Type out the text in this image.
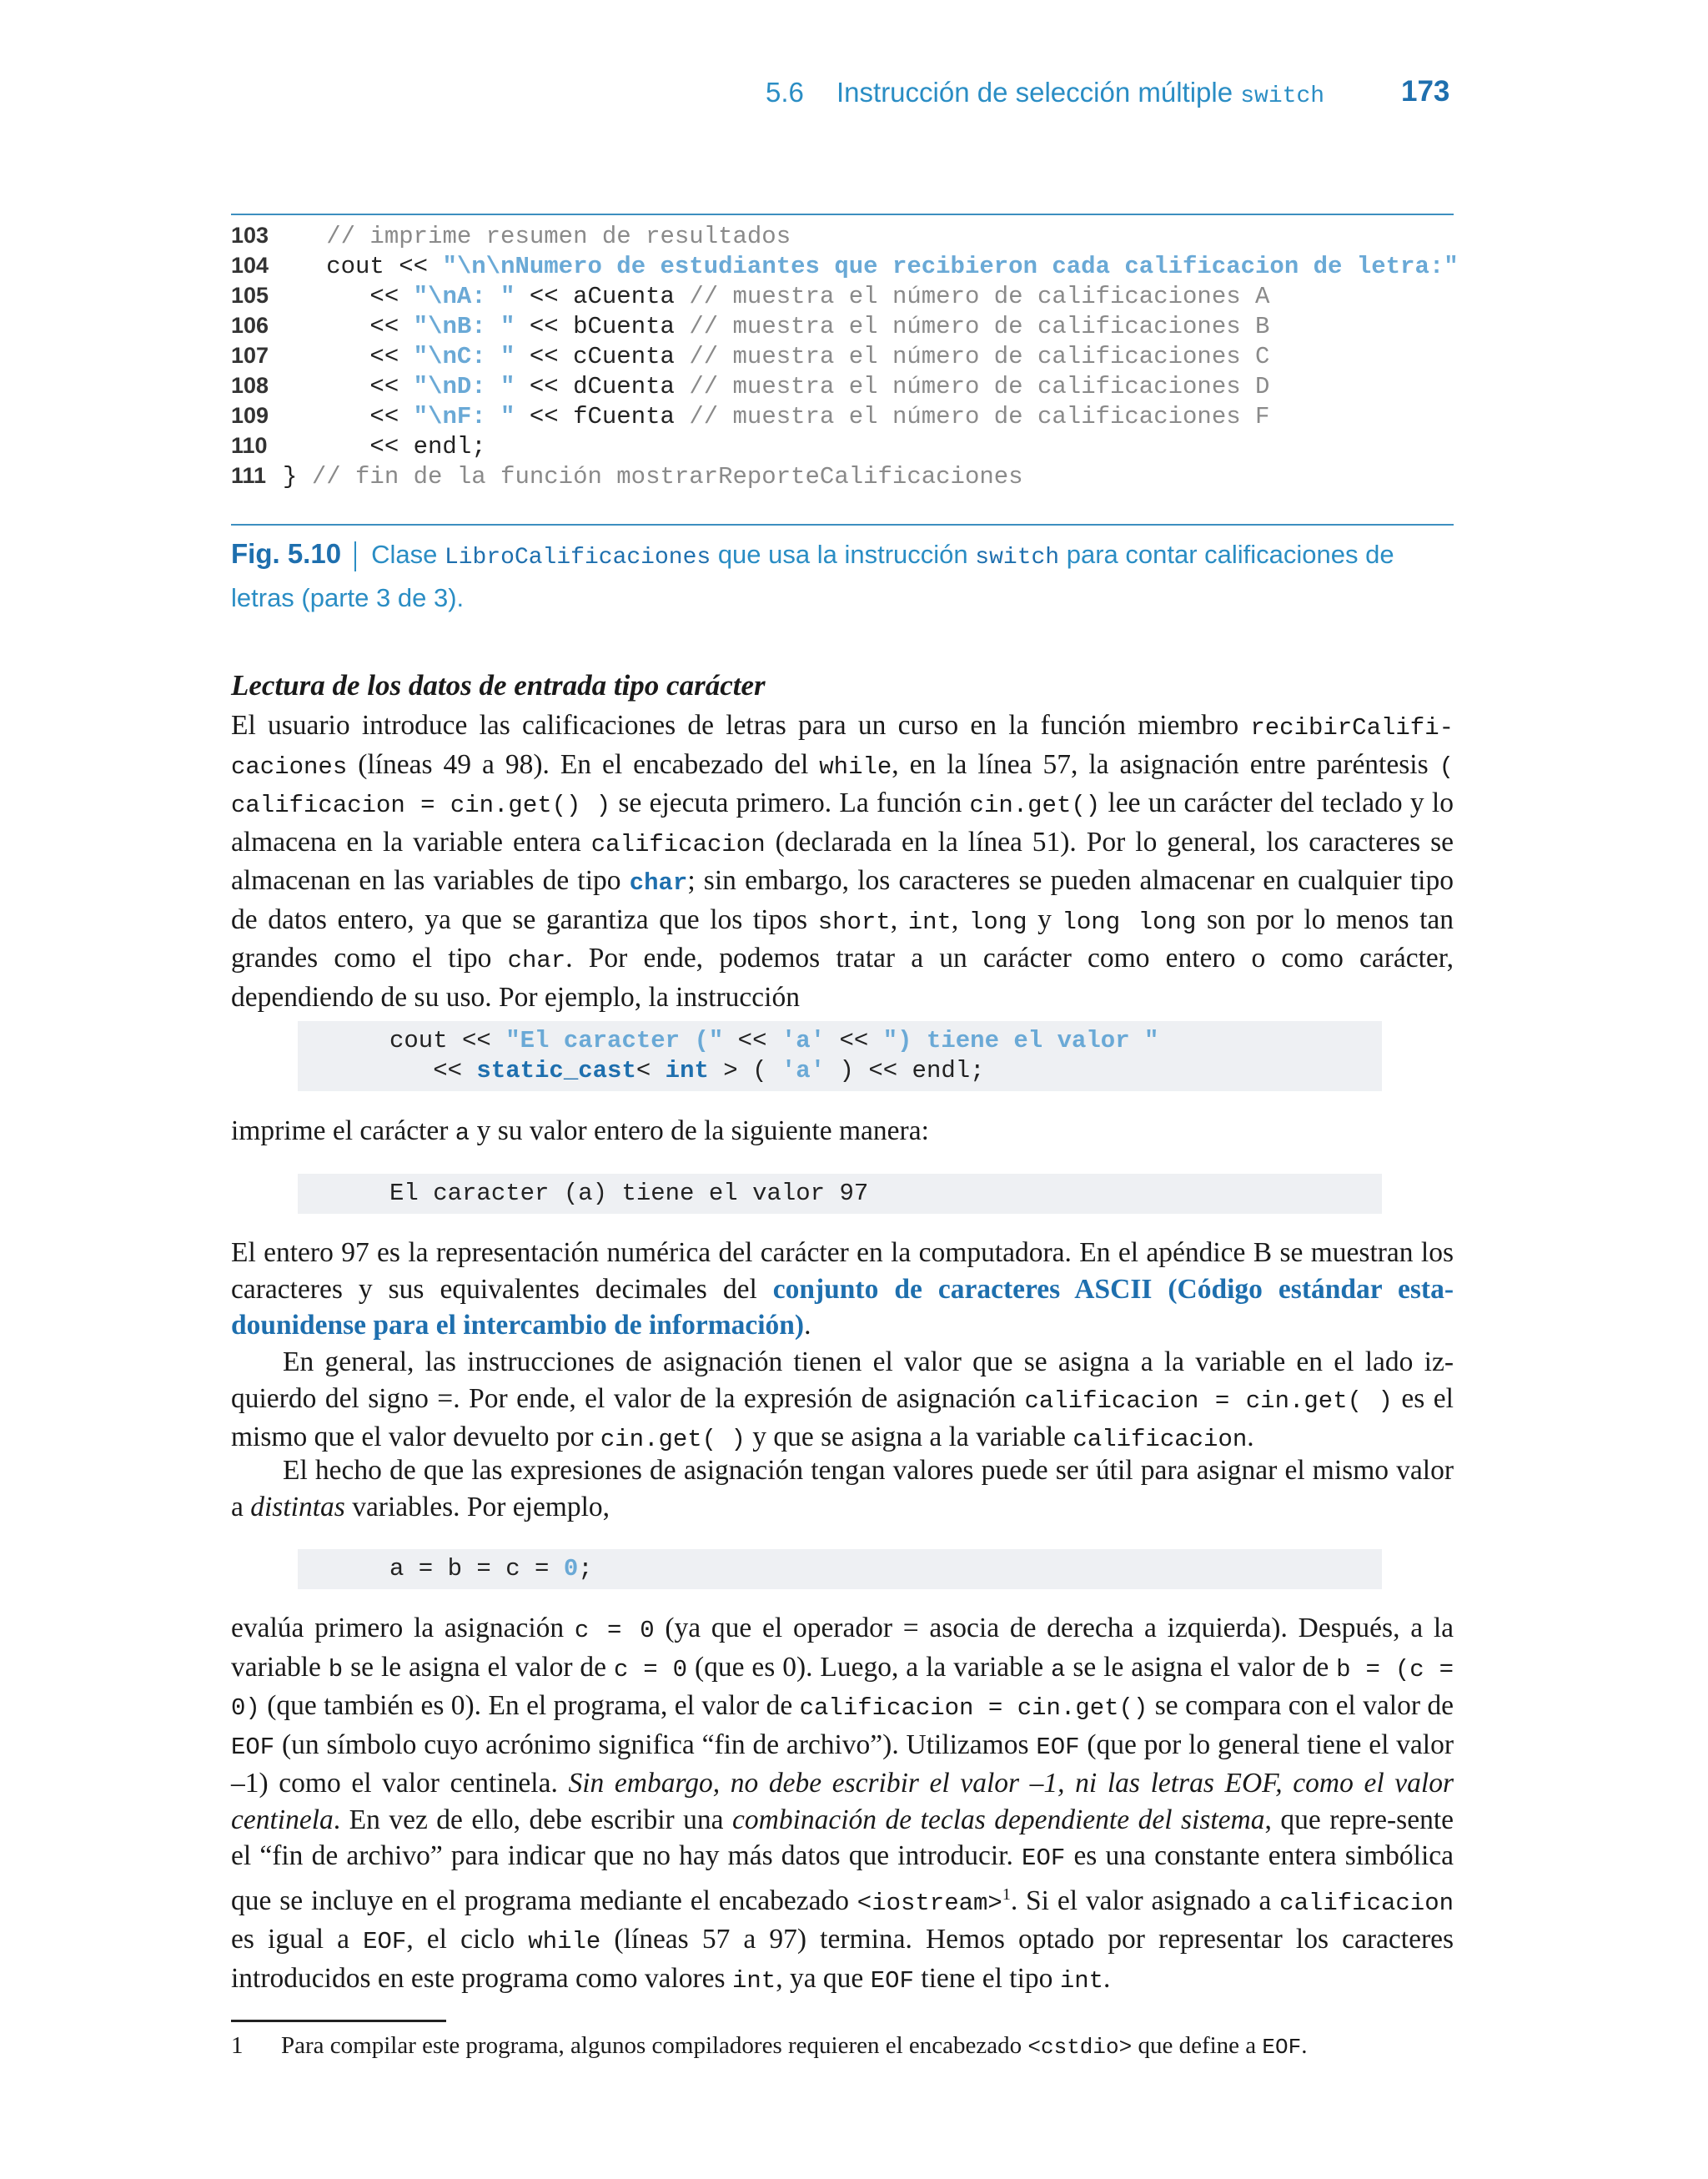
5.6 Instrucción de selección múltiple switch	173
103 // imprime resumen de resultados
104 cout << "\n\nNumero de estudiantes que recibieron cada calificacion de letra:"
105	<< "\nA: " << aCuenta // muestra el número de calificaciones A
106	<< "\nB: " << bCuenta // muestra el número de calificaciones B
107	<< "\nC: " << cCuenta // muestra el número de calificaciones C
108	<< "\nD: " << dCuenta // muestra el número de calificaciones D
109	<< "\nF: " << fCuenta // muestra el número de calificaciones F
110	<< endl;
111 } // fin de la función mostrarReporteCalificaciones
Fig. 5.10 Clase LibroCalificaciones que usa la instrucción switch para contar calificaciones de letras (parte 3 de 3).
Lectura de los datos de entrada tipo carácter
El usuario introduce las calificaciones de letras para un curso en la función miembro recibirCalifi-caciones (líneas 49 a 98). En el encabezado del while, en la línea 57, la asignación entre paréntesis ( calificacion = cin.get() ) se ejecuta primero. La función cin.get() lee un carácter del teclado y lo almacena en la variable entera calificacion (declarada en la línea 51). Por lo general, los caracteres se almacenan en las variables de tipo char; sin embargo, los caracteres se pueden almacenar en cualquier tipo de datos entero, ya que se garantiza que los tipos short, int, long y long long son por lo menos tan grandes como el tipo char. Por ende, podemos tratar a un carácter como entero o como carácter, dependiendo de su uso. Por ejemplo, la instrucción
cout << "El caracter (" << 'a' << ") tiene el valor "
<< static_cast< int > ( 'a' ) << endl;
imprime el carácter a y su valor entero de la siguiente manera:
El caracter (a) tiene el valor 97
El entero 97 es la representación numérica del carácter en la computadora. En el apéndice B se muestran los caracteres y sus equivalentes decimales del conjunto de caracteres ASCII (Código estándar esta-dounidense para el intercambio de información).
En general, las instrucciones de asignación tienen el valor que se asigna a la variable en el lado iz-quierdo del signo =. Por ende, el valor de la expresión de asignación calificacion = cin.get( ) es el mismo que el valor devuelto por cin.get( ) y que se asigna a la variable calificacion.
El hecho de que las expresiones de asignación tengan valores puede ser útil para asignar el mismo valor a distintas variables. Por ejemplo,
a = b = c = 0;
evalúa primero la asignación c = 0 (ya que el operador = asocia de derecha a izquierda). Después, a la variable b se le asigna el valor de c = 0 (que es 0). Luego, a la variable a se le asigna el valor de b = (c = 0) (que también es 0). En el programa, el valor de calificacion = cin.get() se compara con el valor de EOF (un símbolo cuyo acrónimo significa “fin de archivo”). Utilizamos EOF (que por lo general tiene el valor –1) como el valor centinela. Sin embargo, no debe escribir el valor –1, ni las letras EOF, como el valor centinela. En vez de ello, debe escribir una combinación de teclas dependiente del sistema, que repre-sente el “fin de archivo” para indicar que no hay más datos que introducir. EOF es una constante entera simbólica que se incluye en el programa mediante el encabezado <iostream>$^1$. Si el valor asignado a calificacion es igual a EOF, el ciclo while (líneas 57 a 97) termina. Hemos optado por representar los caracteres introducidos en este programa como valores int, ya que EOF tiene el tipo int.
1 Para compilar este programa, algunos compiladores requieren el encabezado <cstdio> que define a EOF.
